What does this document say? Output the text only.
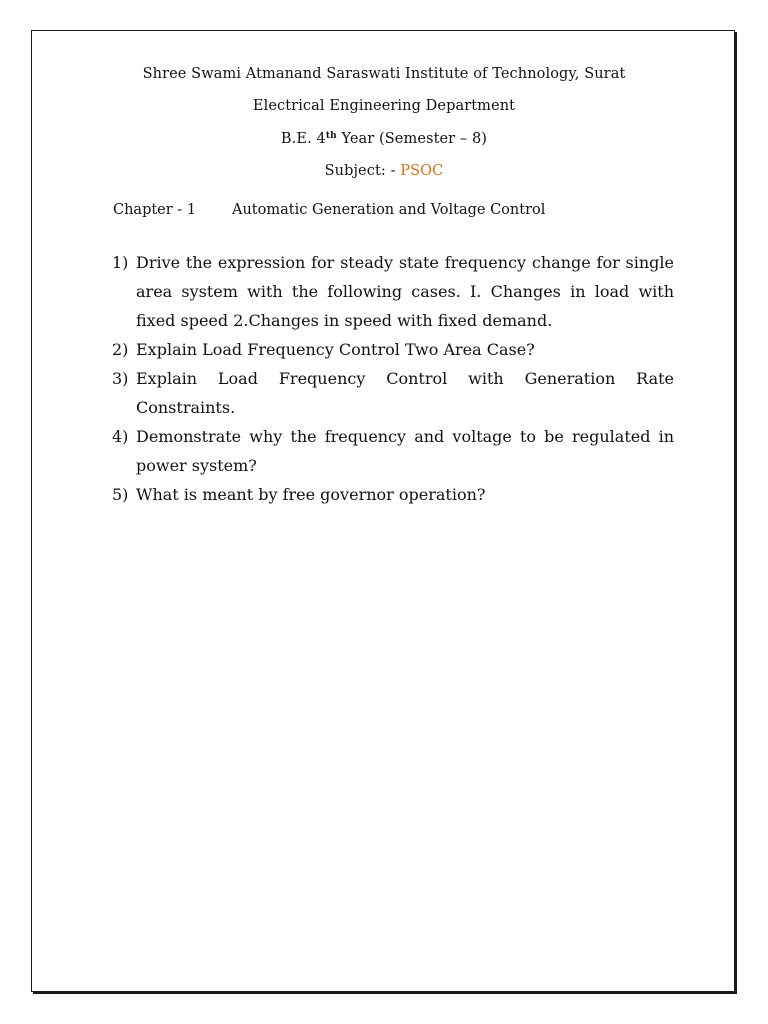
Shree Swami Atmanand Saraswati Institute of Technology, Surat
Electrical Engineering Department
B.E. 4th Year (Semester – 8)
Subject: - PSOC
Chapter - 1 Automatic Generation and Voltage Control
1) Drive the expression for steady state frequency change for single area system with the following cases. I. Changes in load with fixed speed 2.Changes in speed with fixed demand.
2) Explain Load Frequency Control Two Area Case?
3) Explain Load Frequency Control with Generation Rate Constraints.
4) Demonstrate why the frequency and voltage to be regulated in power system?
5) What is meant by free governor operation?
